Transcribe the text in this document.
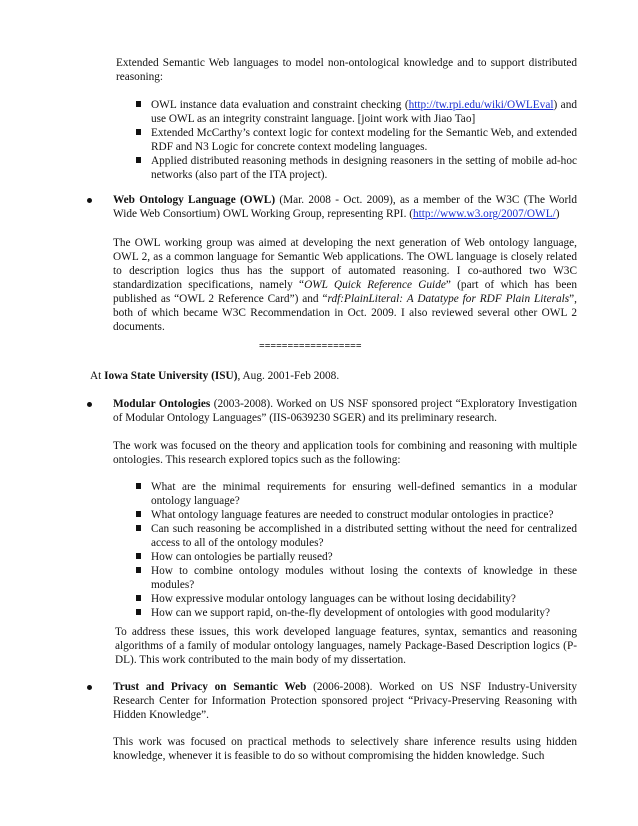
Extended Semantic Web languages to model non-ontological knowledge and to support distributed reasoning:

OWL instance data evaluation and constraint checking (http://tw.rpi.edu/wiki/OWLEval) and use OWL as an integrity constraint language. [joint work with Jiao Tao]
Extended McCarthy’s context logic for context modeling for the Semantic Web, and extended RDF and N3 Logic for concrete context modeling languages.
Applied distributed reasoning methods in designing reasoners in the setting of mobile ad-hoc networks (also part of the ITA project).

Web Ontology Language (OWL) (Mar. 2008 - Oct. 2009), as a member of the W3C (The World Wide Web Consortium) OWL Working Group, representing RPI. (http://www.w3.org/2007/OWL/)

The OWL working group was aimed at developing the next generation of Web ontology language, OWL 2, as a common language for Semantic Web applications. The OWL language is closely related to description logics thus has the support of automated reasoning. I co-authored two W3C standardization specifications, namely “OWL Quick Reference Guide” (part of which has been published as “OWL 2 Reference Card”) and “rdf:PlainLiteral: A Datatype for RDF Plain Literals”, both of which became W3C Recommendation in Oct. 2009. I also reviewed several other OWL 2 documents.

==================

At Iowa State University (ISU), Aug. 2001-Feb 2008.

Modular Ontologies (2003-2008). Worked on US NSF sponsored project “Exploratory Investigation of Modular Ontology Languages” (IIS-0639230 SGER) and its preliminary research.

The work was focused on the theory and application tools for combining and reasoning with multiple ontologies. This research explored topics such as the following:

What are the minimal requirements for ensuring well-defined semantics in a modular ontology language?
What ontology language features are needed to construct modular ontologies in practice?
Can such reasoning be accomplished in a distributed setting without the need for centralized access to all of the ontology modules?
How can ontologies be partially reused?
How to combine ontology modules without losing the contexts of knowledge in these modules?
How expressive modular ontology languages can be without losing decidability?
How can we support rapid, on-the-fly development of ontologies with good modularity?

To address these issues, this work developed language features, syntax, semantics and reasoning algorithms of a family of modular ontology languages, namely Package-Based Description logics (P-DL). This work contributed to the main body of my dissertation.

Trust and Privacy on Semantic Web (2006-2008). Worked on US NSF Industry-University Research Center for Information Protection sponsored project “Privacy-Preserving Reasoning with Hidden Knowledge”.

This work was focused on practical methods to selectively share inference results using hidden knowledge, whenever it is feasible to do so without compromising the hidden knowledge. Such
